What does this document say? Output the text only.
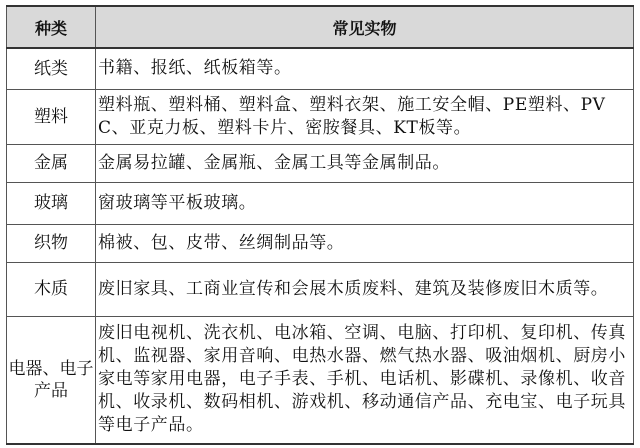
种类	常见实物
纸类	书籍、报纸、纸板箱等。
塑料	塑料瓶、塑料桶、塑料盒、塑料衣架、施工安全帽、PE塑料、PVC、亚克力板、塑料卡片、密胺餐具、KT板等。
金属	金属易拉罐、金属瓶、金属工具等金属制品。
玻璃	窗玻璃等平板玻璃。
织物	棉被、包、皮带、丝绸制品等。
木质	废旧家具、工商业宣传和会展木质废料、建筑及装修废旧木质等。
电器、电子产品	废旧电视机、洗衣机、电冰箱、空调、电脑、打印机、复印机、传真机、监视器、家用音响、电热水器、燃气热水器、吸油烟机、厨房小家电等家用电器，电子手表、手机、电话机、影碟机、录像机、收音机、收录机、数码相机、游戏机、移动通信产品、充电宝、电子玩具等电子产品。
